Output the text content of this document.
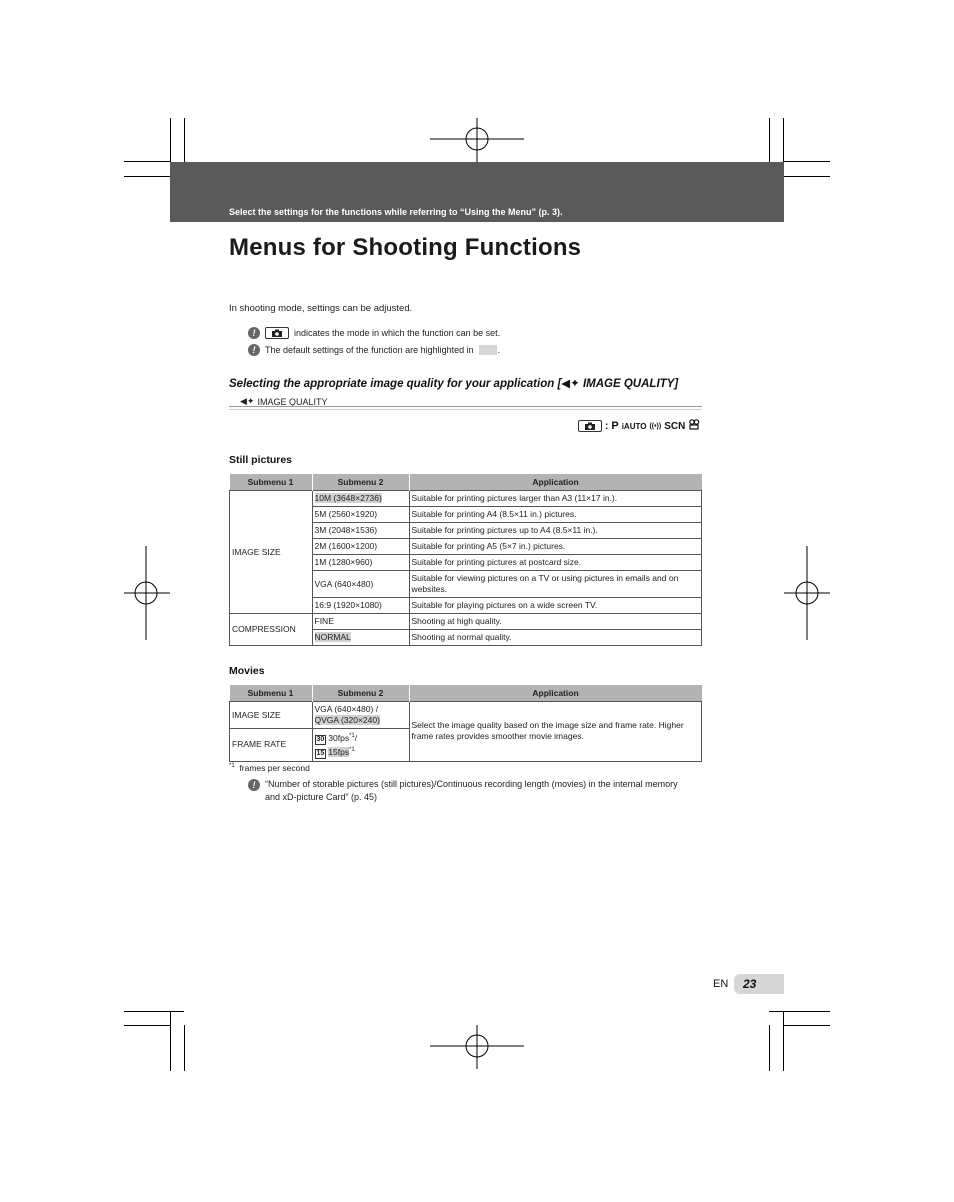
Select the settings for the functions while referring to “Using the Menu” (p. 3).
Menus for Shooting Functions
In shooting mode, settings can be adjusted.
!	indicates the mode in which the function can be set.
!	The default settings of the function are highlighted in	.
Selecting the appropriate image quality for your application [◀✦ IMAGE QUALITY]
◀✦ IMAGE QUALITY
: P iAUTO ((•)) SCN
Still pictures
Submenu 1	Submenu 2	Application
IMAGE SIZE	10M (3648×2736)	Suitable for printing pictures larger than A3 (11×17 in.).
	5M (2560×1920)	Suitable for printing A4 (8.5×11 in.) pictures.
	3M (2048×1536)	Suitable for printing pictures up to A4 (8.5×11 in.).
	2M (1600×1200)	Suitable for printing A5 (5×7 in.) pictures.
	1M (1280×960)	Suitable for printing pictures at postcard size.
	VGA (640×480)	Suitable for viewing pictures on a TV or using pictures in emails and on websites.
	16:9 (1920×1080)	Suitable for playing pictures on a wide screen TV.
COMPRESSION	FINE	Shooting at high quality.
	NORMAL	Shooting at normal quality.
Movies
Submenu 1	Submenu 2	Application
IMAGE SIZE	VGA (640×480) /
QVGA (320×240)	Select the image quality based on the image size and frame rate. Higher frame rates provides smoother movie images.
FRAME RATE	30 30fps$^{*1}$/
15 15fps$^{*1}$
$^{*1}$ frames per second
!	“Number of storable pictures (still pictures)/Continuous recording length (movies) in the internal memory and xD-picture Card” (p. 45)
EN 23
